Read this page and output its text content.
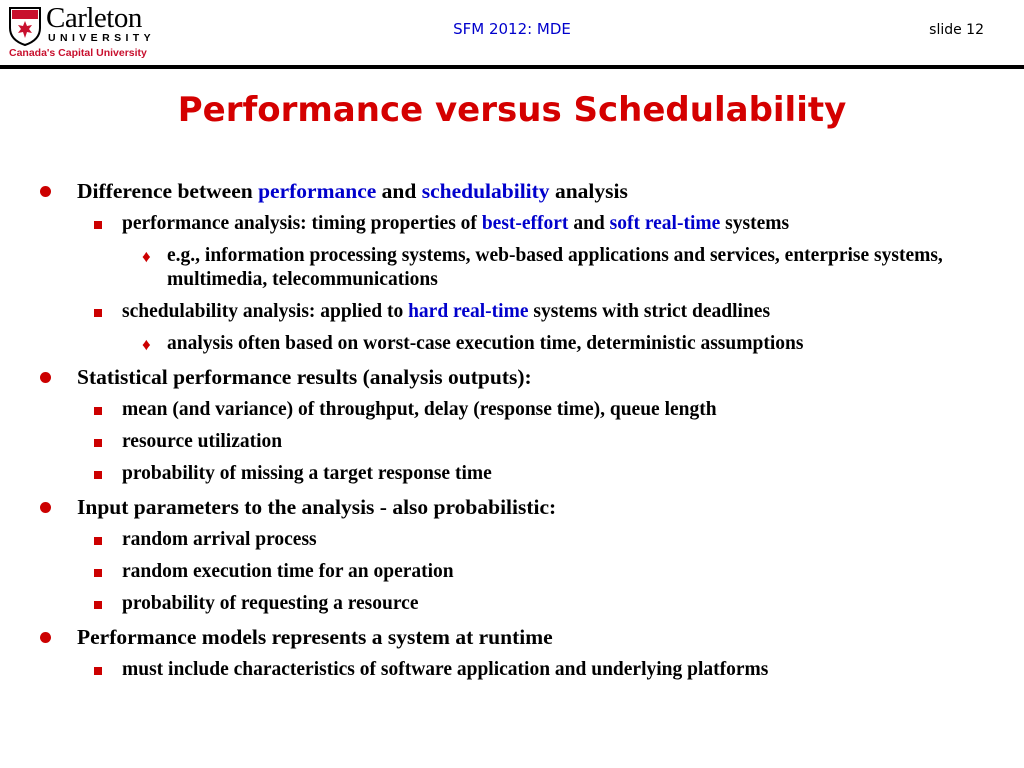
Carleton
UNIVERSITY
Canada's Capital University
SFM 2012: MDE	slide 12
Performance versus Schedulability
Difference between performance and schedulability analysis
performance analysis: timing properties of best-effort and soft real-time systems
♦ e.g., information processing systems, web-based applications and services, enterprise systems, multimedia, telecommunications
schedulability analysis: applied to hard real-time systems with strict deadlines
♦ analysis often based on worst-case execution time, deterministic assumptions
Statistical performance results (analysis outputs):
mean (and variance) of throughput, delay (response time), queue length
resource utilization
probability of missing a target response time
Input parameters to the analysis - also probabilistic:
random arrival process
random execution time for an operation
probability of requesting a resource
Performance models represents a system at runtime
must include characteristics of software application and underlying platforms
